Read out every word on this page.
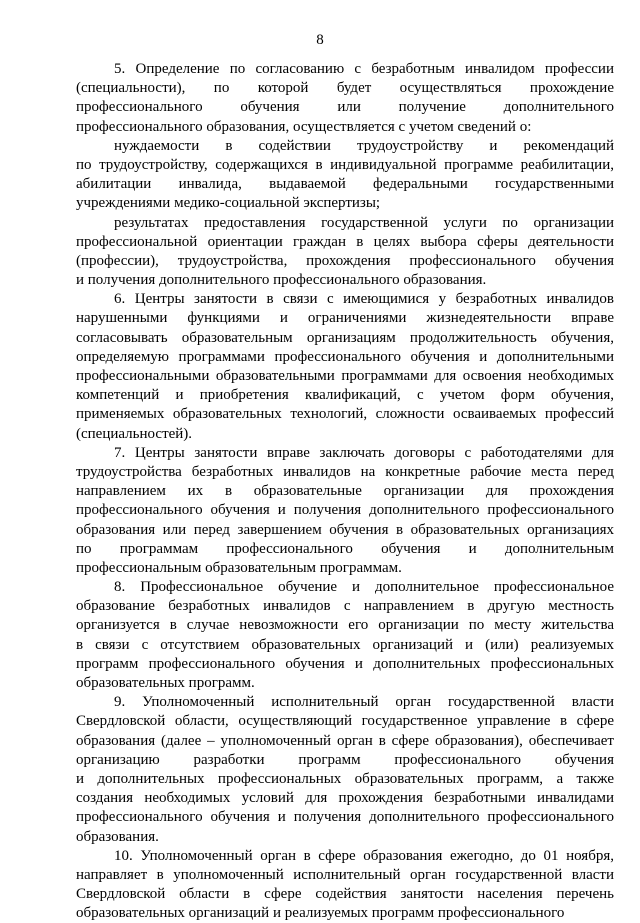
8
5. Определение по согласованию с безработным инвалидом профессии
(специальности), по которой будет осуществляться прохождение
профессионального обучения или получение дополнительного
профессионального образования, осуществляется с учетом сведений о:
нуждаемости в содействии трудоустройству и рекомендаций
по трудоустройству, содержащихся в индивидуальной программе реабилитации,
абилитации инвалида, выдаваемой федеральными государственными
учреждениями медико-социальной экспертизы;
результатах предоставления государственной услуги по организации
профессиональной ориентации граждан в целях выбора сферы деятельности
(профессии), трудоустройства, прохождения профессионального обучения
и получения дополнительного профессионального образования.
6. Центры занятости в связи с имеющимися у безработных инвалидов
нарушенными функциями и ограничениями жизнедеятельности вправе
согласовывать образовательным организациям продолжительность обучения,
определяемую программами профессионального обучения и дополнительными
профессиональными образовательными программами для освоения необходимых
компетенций и приобретения квалификаций, с учетом форм обучения,
применяемых образовательных технологий, сложности осваиваемых профессий
(специальностей).
7. Центры занятости вправе заключать договоры с работодателями для
трудоустройства безработных инвалидов на конкретные рабочие места перед
направлением их в образовательные организации для прохождения
профессионального обучения и получения дополнительного профессионального
образования или перед завершением обучения в образовательных организациях
по программам профессионального обучения и дополнительным
профессиональным образовательным программам.
8. Профессиональное обучение и дополнительное профессиональное
образование безработных инвалидов с направлением в другую местность
организуется в случае невозможности его организации по месту жительства
в связи с отсутствием образовательных организаций и (или) реализуемых
программ профессионального обучения и дополнительных профессиональных
образовательных программ.
9. Уполномоченный исполнительный орган государственной власти
Свердловской области, осуществляющий государственное управление в сфере
образования (далее – уполномоченный орган в сфере образования), обеспечивает
организацию разработки программ профессионального обучения
и дополнительных профессиональных образовательных программ, а также
создания необходимых условий для прохождения безработными инвалидами
профессионального обучения и получения дополнительного профессионального
образования.
10. Уполномоченный орган в сфере образования ежегодно, до 01 ноября,
направляет в уполномоченный исполнительный орган государственной власти
Свердловской области в сфере содействия занятости населения перечень
образовательных организаций и реализуемых программ профессионального
